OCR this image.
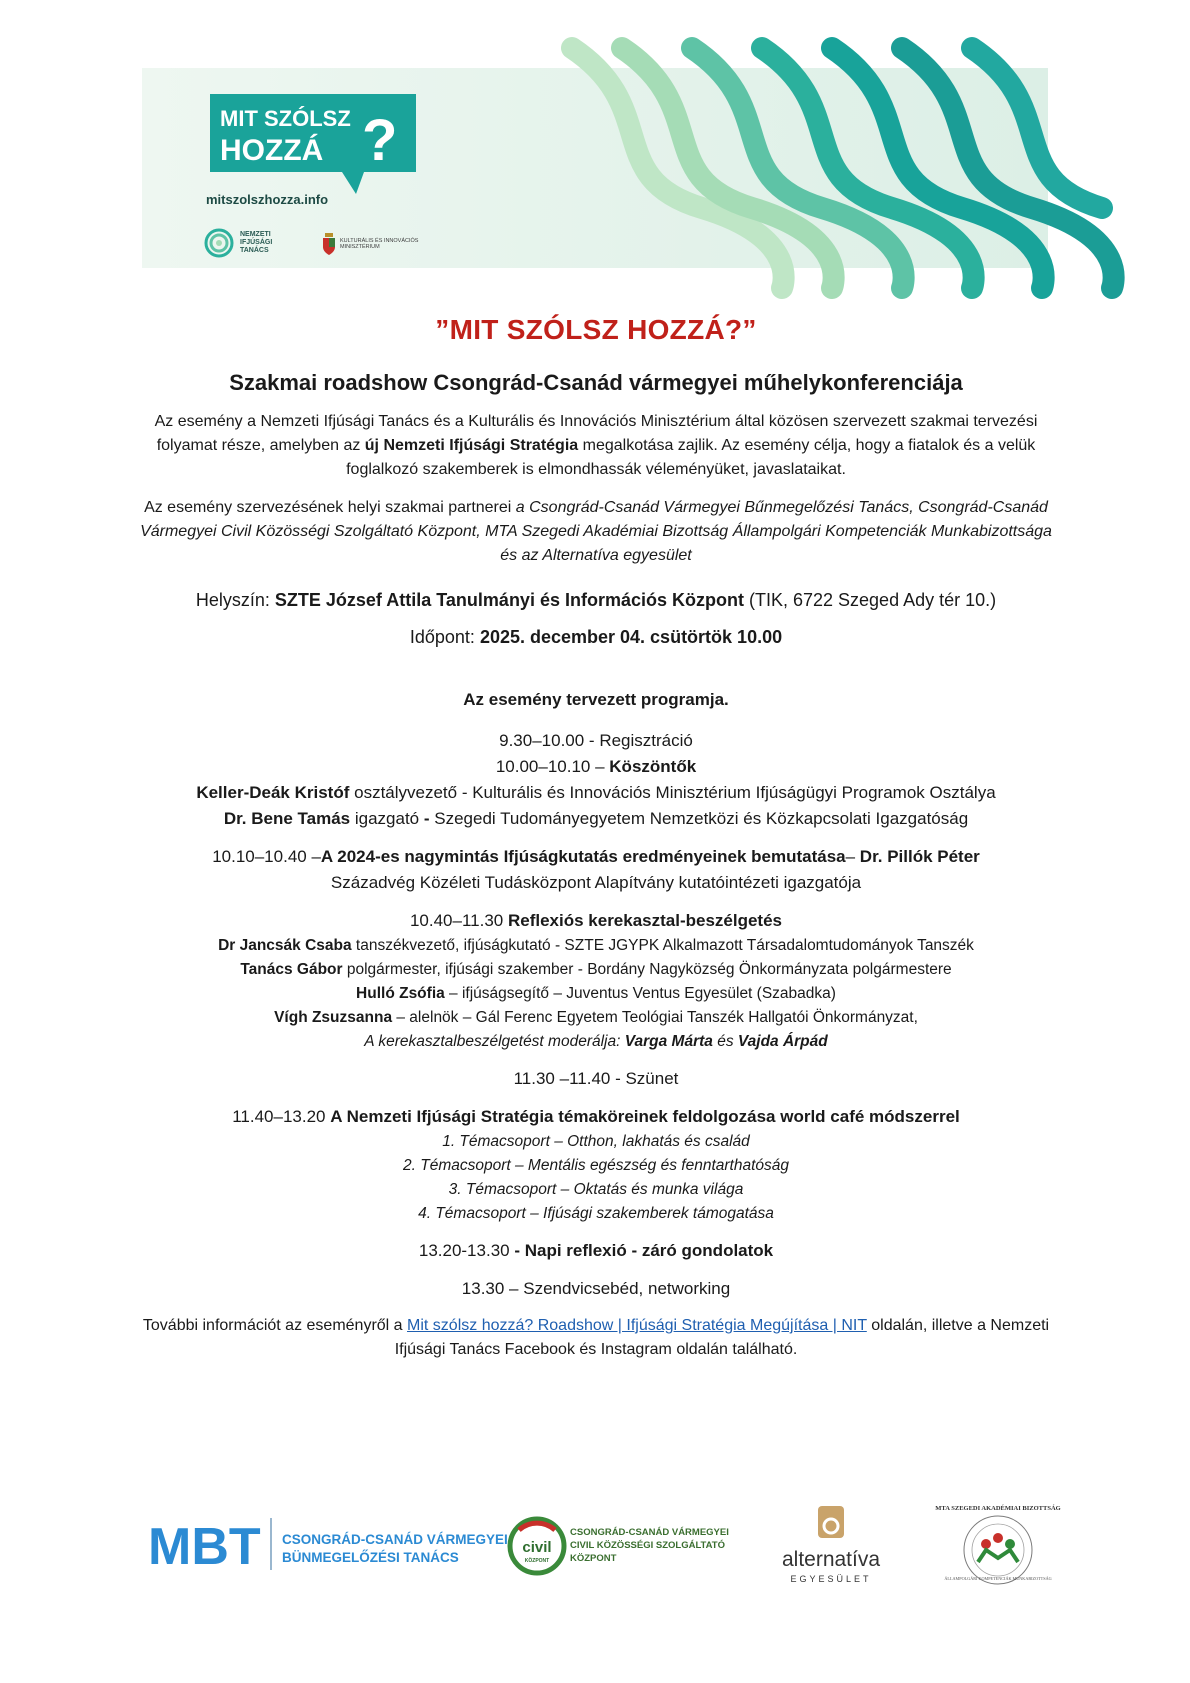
MIT SZÓLSZ
HOZZÁ ?
mitszolszhozza.info
NEMZETI
IFJÚSÁGI
TANÁCS
KULTURÁLIS ÉS INNOVÁCIÓS
MINISZTÉRIUM
”MIT SZÓLSZ HOZZÁ?”
Szakmai roadshow Csongrád-Csanád vármegyei műhelykonferenciája

Az esemény a Nemzeti Ifjúsági Tanács és a Kulturális és Innovációs Minisztérium által közösen szervezett szakmai tervezési folyamat része, amelyben az új Nemzeti Ifjúsági Stratégia megalkotása zajlik. Az esemény célja, hogy a fiatalok és a velük foglalkozó szakemberek is elmondhassák véleményüket, javaslataikat.

Az esemény szervezésének helyi szakmai partnerei a Csongrád-Csanád Vármegyei Bűnmegelőzési Tanács, Csongrád-Csanád Vármegyei Civil Közösségi Szolgáltató Központ, MTA Szegedi Akadémiai Bizottság Állampolgári Kompetenciák Munkabizottsága és az Alternatíva egyesület

Helyszín: SZTE József Attila Tanulmányi és Információs Központ (TIK, 6722 Szeged Ady tér 10.)

Időpont: 2025. december 04. csütörtök 10.00

Az esemény tervezett programja.

9.30–10.00 - Regisztráció
10.00–10.10 – Köszöntők
Keller-Deák Kristóf osztályvezető - Kulturális és Innovációs Minisztérium Ifjúságügyi Programok Osztálya
Dr. Bene Tamás igazgató - Szegedi Tudományegyetem Nemzetközi és Közkapcsolati Igazgatóság
10.10–10.40 –A 2024-es nagymintás Ifjúságkutatás eredményeinek bemutatása– Dr. Pillók Péter
Századvég Közéleti Tudásközpont Alapítvány kutatóintézeti igazgatója
10.40–11.30 Reflexiós kerekasztal-beszélgetés
Dr Jancsák Csaba tanszékvezető, ifjúságkutató - SZTE JGYPK Alkalmazott Társadalomtudományok Tanszék
Tanács Gábor polgármester, ifjúsági szakember - Bordány Nagyközség Önkormányzata polgármestere
Hulló Zsófia – ifjúságsegítő – Juventus Ventus Egyesület (Szabadka)
Vígh Zsuzsanna – alelnök – Gál Ferenc Egyetem Teológiai Tanszék Hallgatói Önkormányzat,
A kerekasztalbeszélgetést moderálja: Varga Márta és Vajda Árpád
11.30 –11.40 - Szünet
11.40–13.20 A Nemzeti Ifjúsági Stratégia témaköreinek feldolgozása world café módszerrel
1. Témacsoport – Otthon, lakhatás és család
2. Témacsoport – Mentális egészség és fenntarthatóság
3. Témacsoport – Oktatás és munka világa
4. Témacsoport – Ifjúsági szakemberek támogatása
13.20-13.30 - Napi reflexió - záró gondolatok
13.30 – Szendvicsebéd, networking

További információt az eseményről a Mit szólsz hozzá? Roadshow | Ifjúsági Stratégia Megújítása | NIT oldalán, illetve a Nemzeti Ifjúsági Tanács Facebook és Instagram oldalán található.

MBT CSONGRÁD-CSANÁD VÁRMEGYEI
BÜNMEGELŐZÉSI TANÁCS
civil
KÖZPONT
CSONGRÁD-CSANÁD VÁRMEGYEI
CIVIL KÖZÖSSÉGI SZOLGÁLTATÓ
KÖZPONT	alternatíva
EGYESÜLET
MTA SZEGEDI AKADÉMIAI BIZOTTSÁG
ÁLLAMPOLGÁRI KOMPETENCIÁK MUNKABIZOTTSÁG
